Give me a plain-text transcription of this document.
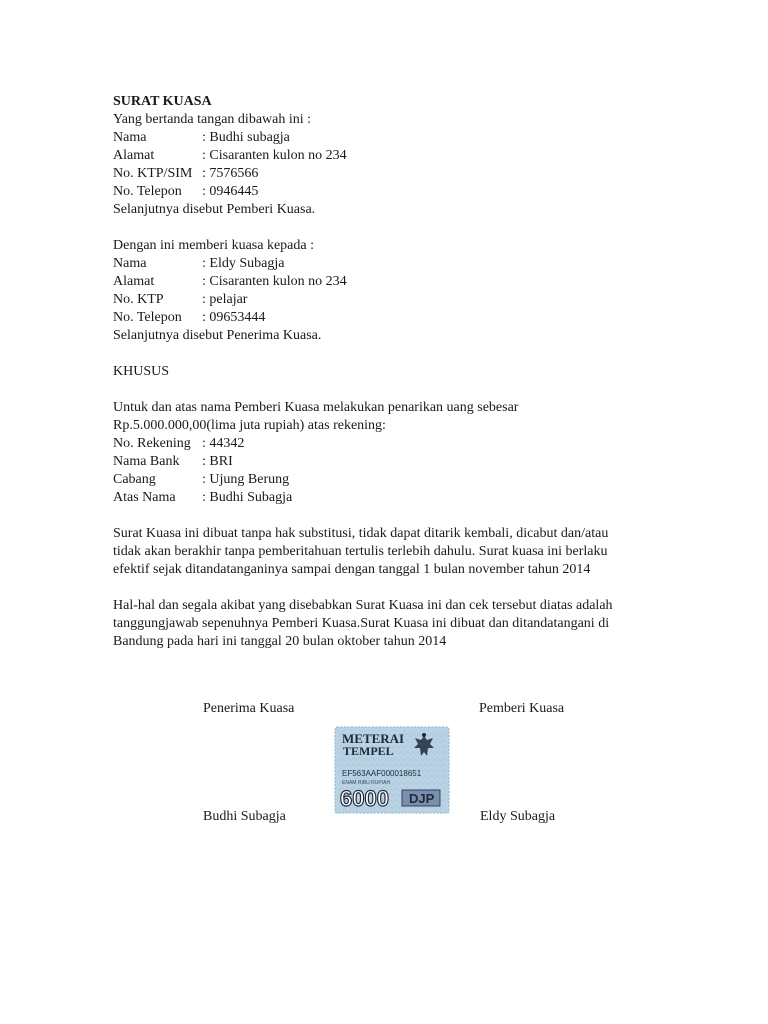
SURAT KUASA
Yang bertanda tangan dibawah ini :
Nama	: Budhi subagja
Alamat	: Cisaranten kulon no 234
No. KTP/SIM : 7576566
No. Telepon	: 0946445
Selanjutnya disebut Pemberi Kuasa.
Dengan ini memberi kuasa kepada :
Nama	: Eldy Subagja
Alamat	: Cisaranten kulon no 234
No. KTP	: pelajar
No. Telepon	: 09653444
Selanjutnya disebut Penerima Kuasa.
KHUSUS
Untuk dan atas nama Pemberi Kuasa melakukan penarikan uang sebesar
Rp.5.000.000,00(lima juta rupiah) atas rekening:
No. Rekening : 44342
Nama Bank	: BRI
Cabang	: Ujung Berung
Atas Nama	: Budhi Subagja
Surat Kuasa ini dibuat tanpa hak substitusi, tidak dapat ditarik kembali, dicabut dan/atau
tidak akan berakhir tanpa pemberitahuan tertulis terlebih dahulu. Surat kuasa ini berlaku
efektif sejak ditandatanganinya sampai dengan tanggal 1 bulan november tahun 2014
Hal-hal dan segala akibat yang disebabkan Surat Kuasa ini dan cek tersebut diatas adalah
tanggungjawab sepenuhnya Pemberi Kuasa.Surat Kuasa ini dibuat dan ditandatangani di
Bandung pada hari ini tanggal 20 bulan oktober tahun 2014
Penerima Kuasa	Pemberi Kuasa
METERAI
TEMPEL
EF563AAF000018651
ENAM RIBU RUPIAH
6000 DJP
Budhi Subagja	Eldy Subagja
